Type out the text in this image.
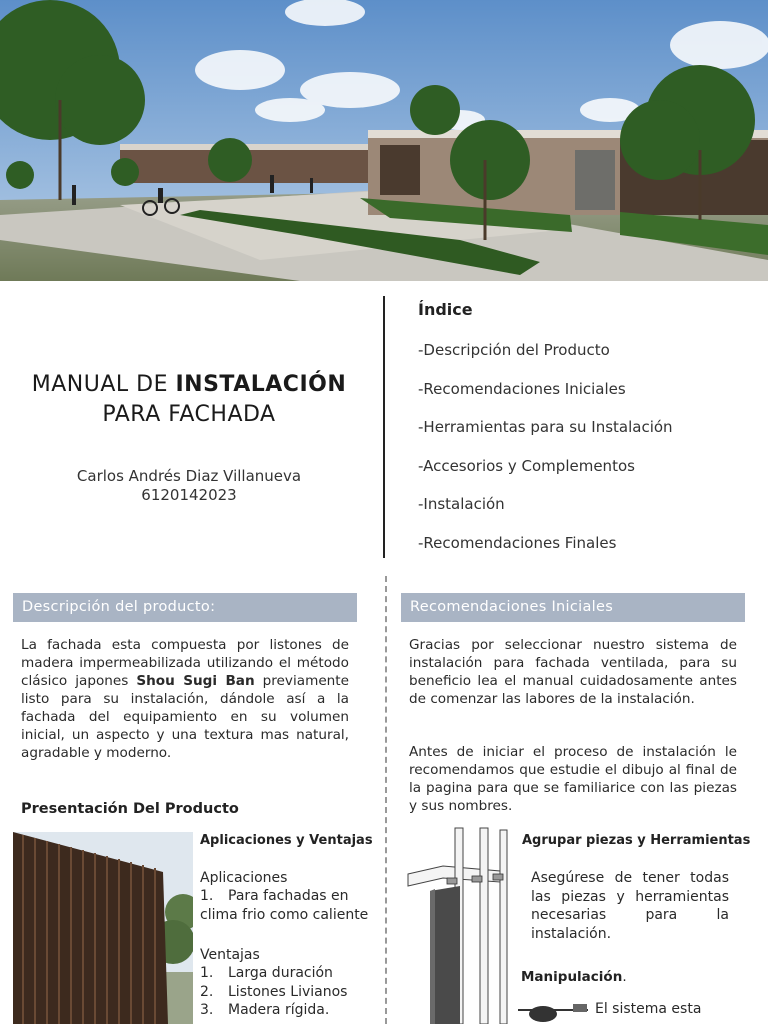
MANUAL DE INSTALACIÓN
PARA FACHADA
Carlos Andrés Diaz Villanueva
6120142023
Índice
-Descripción del Producto
-Recomendaciones Iniciales
-Herramientas para su Instalación
-Accesorios y Complementos
-Instalación
-Recomendaciones Finales
Descripción del producto:

La fachada esta compuesta por listones de madera impermeabilizada utilizando el método clásico japones Shou Sugi Ban previamente listo para su instalación, dándole así a la fachada del equipamiento en su volumen inicial, un aspecto y una textura mas natural, agradable y moderno.

Recomendaciones Iniciales

Gracias por seleccionar nuestro sistema de instalación para fachada ventilada, para su beneficio lea el manual cuidadosamente antes de comenzar las labores de la instalación.

Antes de iniciar el proceso de instalación le recomendamos que estudie el dibujo al final de la pagina para que se familiarice con las piezas y sus nombres.

Presentación Del Producto
Aplicaciones y Ventajas
Aplicaciones
1. Para fachadas en clima frio como caliente
Ventajas
1. Larga duración
2. Listones Livianos
3. Madera rígida.
Agrupar piezas y Herramientas

Asegúrese de tener todas las piezas y herramientas necesarias para la instalación.

Manipulación.

El sistema esta
